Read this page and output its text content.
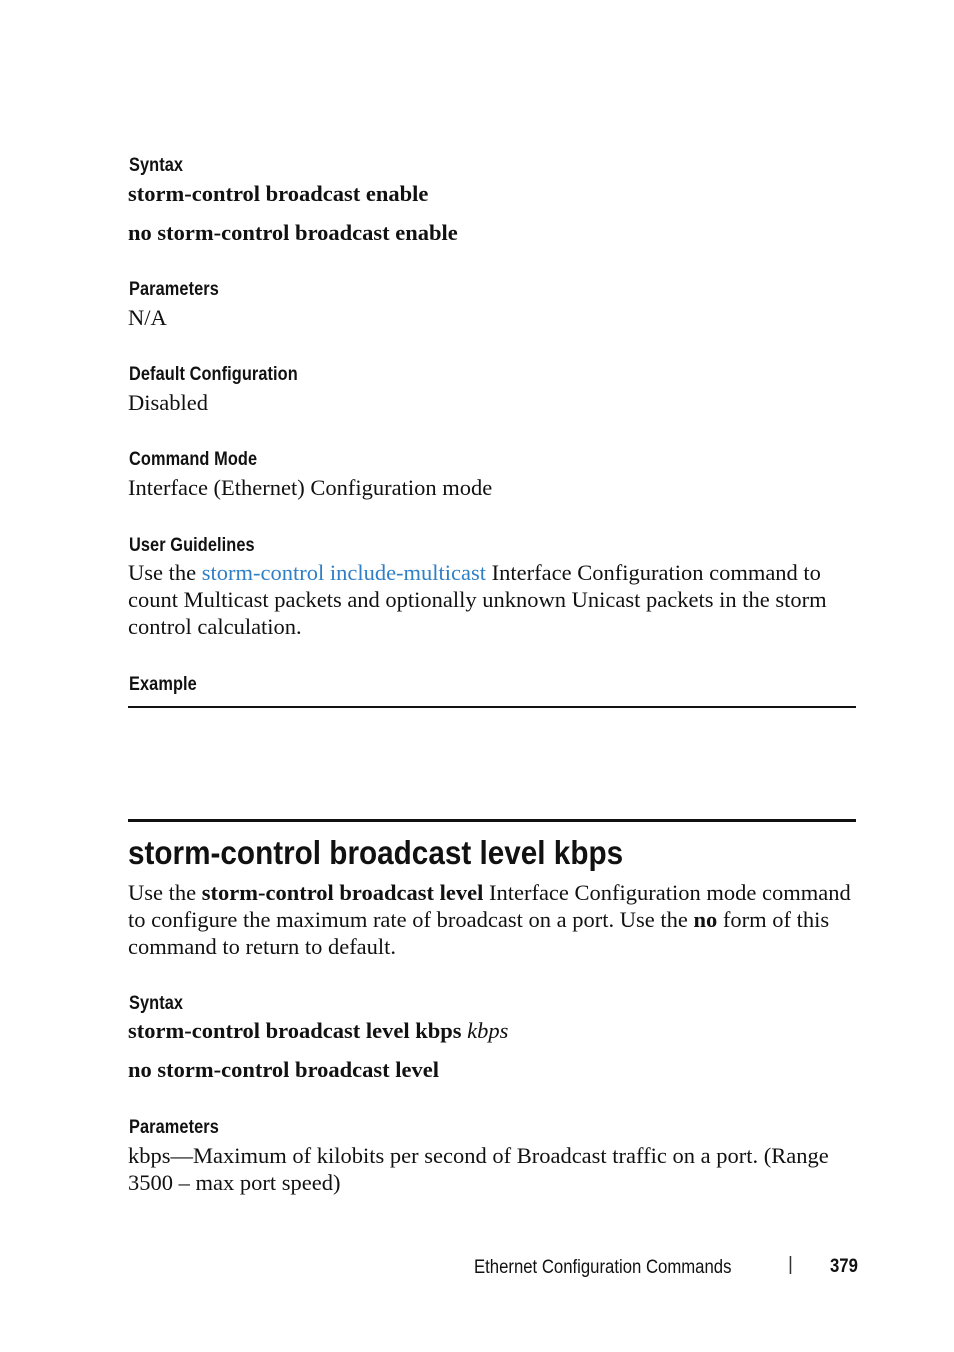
Syntax
storm-control broadcast enable
no storm-control broadcast enable
Parameters
N/A
Default Configuration
Disabled
Command Mode
Interface (Ethernet) Configuration mode
User Guidelines
Use the storm-control include-multicast Interface Configuration command to count Multicast packets and optionally unknown Unicast packets in the storm control calculation.
Example
storm-control broadcast level kbps
Use the storm-control broadcast level Interface Configuration mode command to configure the maximum rate of broadcast on a port. Use the no form of this command to return to default.
Syntax
storm-control broadcast level kbps kbps
no storm-control broadcast level
Parameters
kbps—Maximum of kilobits per second of Broadcast traffic on a port. (Range 3500 – max port speed)
Ethernet Configuration Commands	| 379
